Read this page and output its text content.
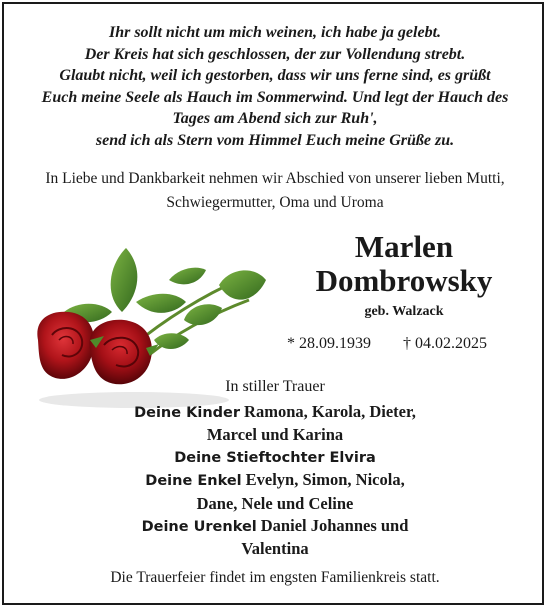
Ihr sollt nicht um mich weinen, ich habe ja gelebt.
Der Kreis hat sich geschlossen, der zur Vollendung strebt.
Glaubt nicht, weil ich gestorben, dass wir uns ferne sind, es grüßt
Euch meine Seele als Hauch im Sommerwind. Und legt der Hauch des
Tages am Abend sich zur Ruh',
send ich als Stern vom Himmel Euch meine Grüße zu.
In Liebe und Dankbarkeit nehmen wir Abschied von unserer lieben Mutti,
Schwiegermutter, Oma und Uroma
Marlen
Dombrowsky
geb. Walzack
* 28.09.1939 † 04.02.2025
In stiller Trauer
Deine Kinder Ramona, Karola, Dieter,
Marcel und Karina
Deine Stieftochter Elvira
Deine Enkel Evelyn, Simon, Nicola,
Dane, Nele und Celine
Deine Urenkel Daniel Johannes und
Valentina
Die Trauerfeier findet im engsten Familienkreis statt.
